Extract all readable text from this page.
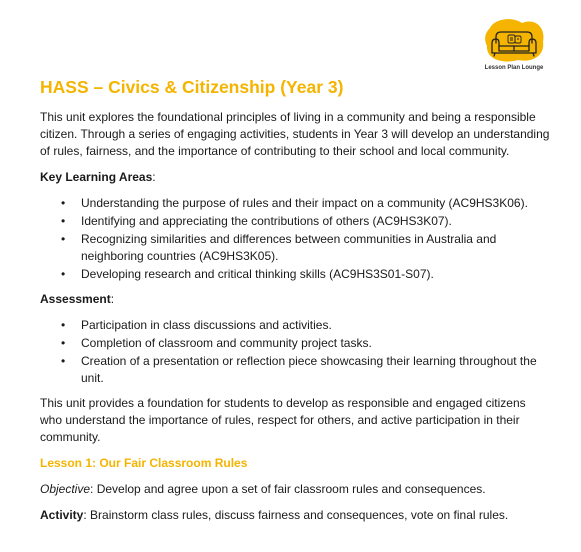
Lesson Plan Lounge
HASS – Civics & Citizenship (Year 3)

This unit explores the foundational principles of living in a community and being a responsible citizen. Through a series of engaging activities, students in Year 3 will develop an understanding of rules, fairness, and the importance of contributing to their school and local community.

Key Learning Areas:

• Understanding the purpose of rules and their impact on a community (AC9HS3K06).
• Identifying and appreciating the contributions of others (AC9HS3K07).
• Recognizing similarities and differences between communities in Australia and neighboring countries (AC9HS3K05).
• Developing research and critical thinking skills (AC9HS3S01-S07).

Assessment:

• Participation in class discussions and activities.
• Completion of classroom and community project tasks.
• Creation of a presentation or reflection piece showcasing their learning throughout the unit.

This unit provides a foundation for students to develop as responsible and engaged citizens who understand the importance of rules, respect for others, and active participation in their community.

Lesson 1: Our Fair Classroom Rules

Objective: Develop and agree upon a set of fair classroom rules and consequences.

Activity: Brainstorm class rules, discuss fairness and consequences, vote on final rules.
